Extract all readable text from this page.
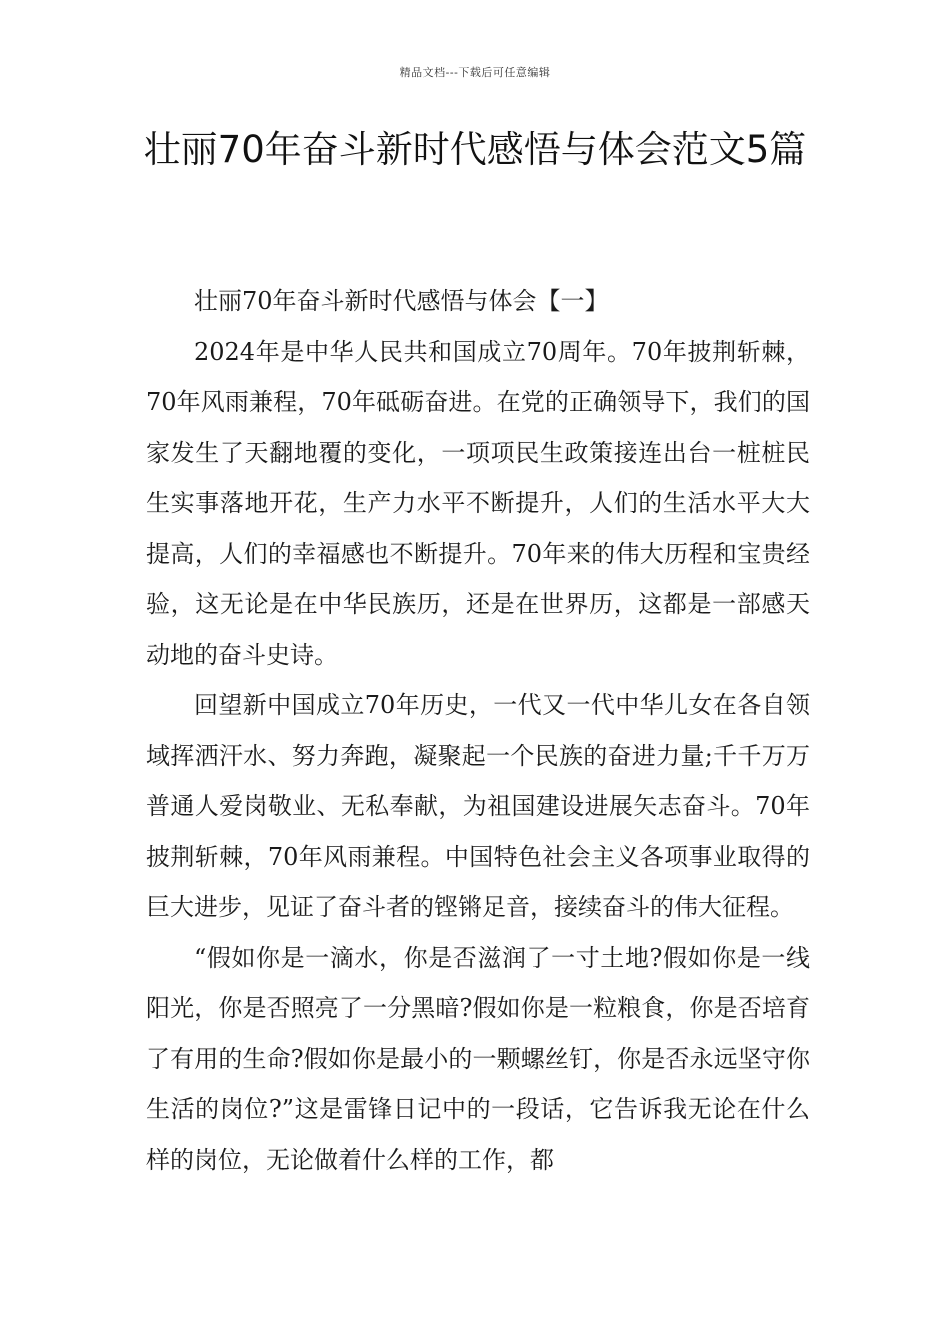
精品文档---下载后可任意编辑
壮丽70年奋斗新时代感悟与体会范文5篇

壮丽70年奋斗新时代感悟与体会【一】

2024年是中华人民共和国成立70周年。70年披荆斩棘，70年风雨兼程，70年砥砺奋进。在党的正确领导下，我们的国家发生了天翻地覆的变化，一项项民生政策接连出台一桩桩民生实事落地开花，生产力水平不断提升，人们的生活水平大大提高，人们的幸福感也不断提升。70年来的伟大历程和宝贵经验，这无论是在中华民族历，还是在世界历，这都是一部感天动地的奋斗史诗。

回望新中国成立70年历史，一代又一代中华儿女在各自领域挥洒汗水、努力奔跑，凝聚起一个民族的奋进力量;千千万万普通人爱岗敬业、无私奉献，为祖国建设进展矢志奋斗。70年披荆斩棘，70年风雨兼程。中国特色社会主义各项事业取得的巨大进步，见证了奋斗者的铿锵足音，接续奋斗的伟大征程。

“假如你是一滴水，你是否滋润了一寸土地?假如你是一线阳光，你是否照亮了一分黑暗?假如你是一粒粮食，你是否培育了有用的生命?假如你是最小的一颗螺丝钉，你是否永远坚守你生活的岗位?”这是雷锋日记中的一段话，它告诉我无论在什么样的岗位，无论做着什么样的工作，都
